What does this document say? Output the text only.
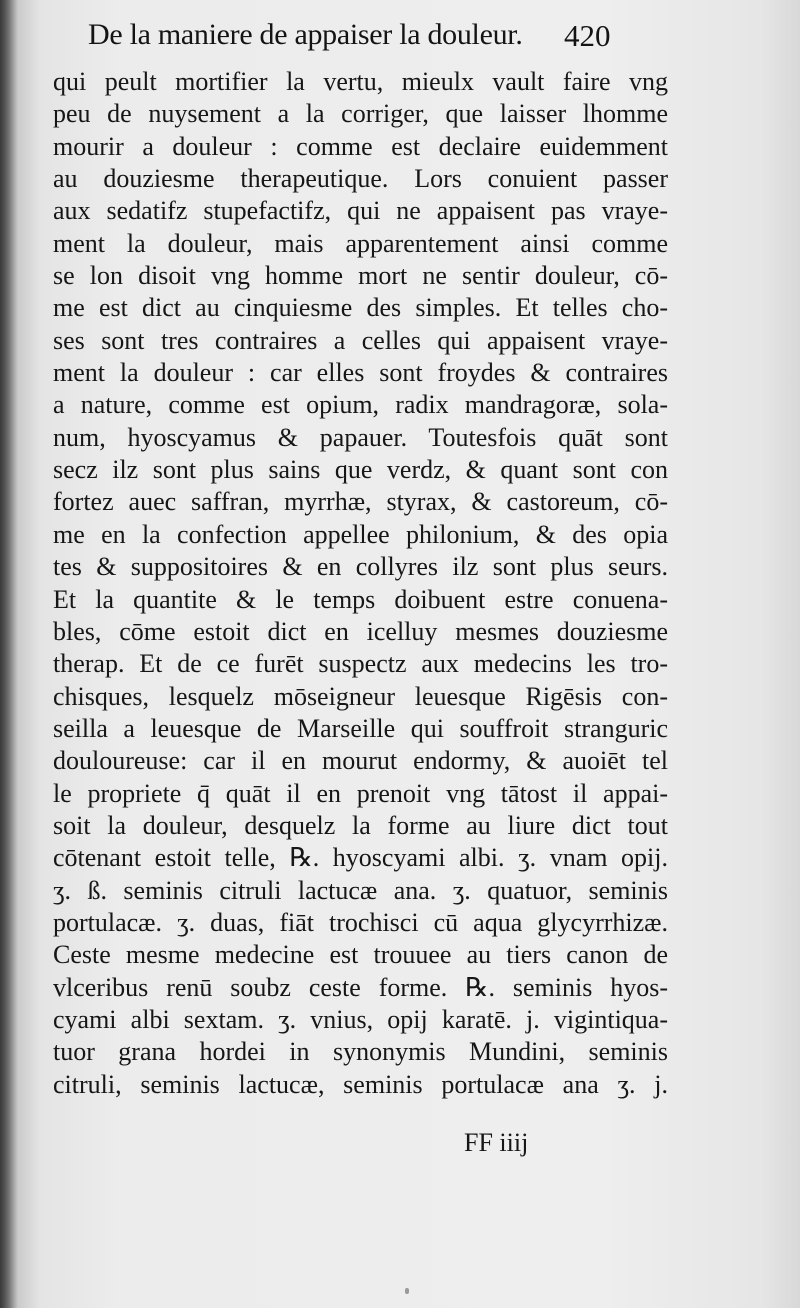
De la maniere de appaiser la douleur. 420
qui peult mortifier la vertu, mieulx vault faire vng
peu de nuysement a la corriger, que laisser lhomme
mourir a douleur : comme est declaire euidemment
au douziesme therapeutique. Lors conuient passer
aux sedatifz stupefactifz, qui ne appaisent pas vraye-
ment la douleur, mais apparentement ainsi comme
se lon disoit vng homme mort ne sentir douleur, cō-
me est dict au cinquiesme des simples. Et telles cho-
ses sont tres contraires a celles qui appaisent vraye-
ment la douleur : car elles sont froydes & contraires
a nature, comme est opium, radix mandragoræ, sola-
num, hyoscyamus & papauer. Toutesfois quāt sont
secz ilz sont plus sains que verdz, & quant sont con
fortez auec saffran, myrrhæ, styrax, & castoreum, cō-
me en la confection appellee philonium, & des opia
tes & suppositoires & en collyres ilz sont plus seurs.
Et la quantite & le temps doibuent estre conuena-
bles, cōme estoit dict en icelluy mesmes douziesme
therap. Et de ce furēt suspectz aux medecins les tro-
chisques, lesquelz mōseigneur leuesque Rigēsis con-
seilla a leuesque de Marseille qui souffroit stranguric
douloureuse: car il en mourut endormy, & auoiēt tel
le propriete q̄ quāt il en prenoit vng tātost il appai-
soit la douleur, desquelz la forme au liure dict tout
cōtenant estoit telle, ℞. hyoscyami albi. ʒ. vnam opij.
ʒ. ß. seminis citruli lactucæ ana. ʒ. quatuor, seminis
portulacæ. ʒ. duas, fiāt trochisci cū aqua glycyrrhizæ.
Ceste mesme medecine est trouuee au tiers canon de
vlceribus renū soubz ceste forme. ℞. seminis hyos-
cyami albi sextam. ʒ. vnius, opij karatē. j. vigintiqua-
tuor grana hordei in synonymis Mundini, seminis
citruli, seminis lactucæ, seminis portulacæ ana ʒ. j.
FF iiij
